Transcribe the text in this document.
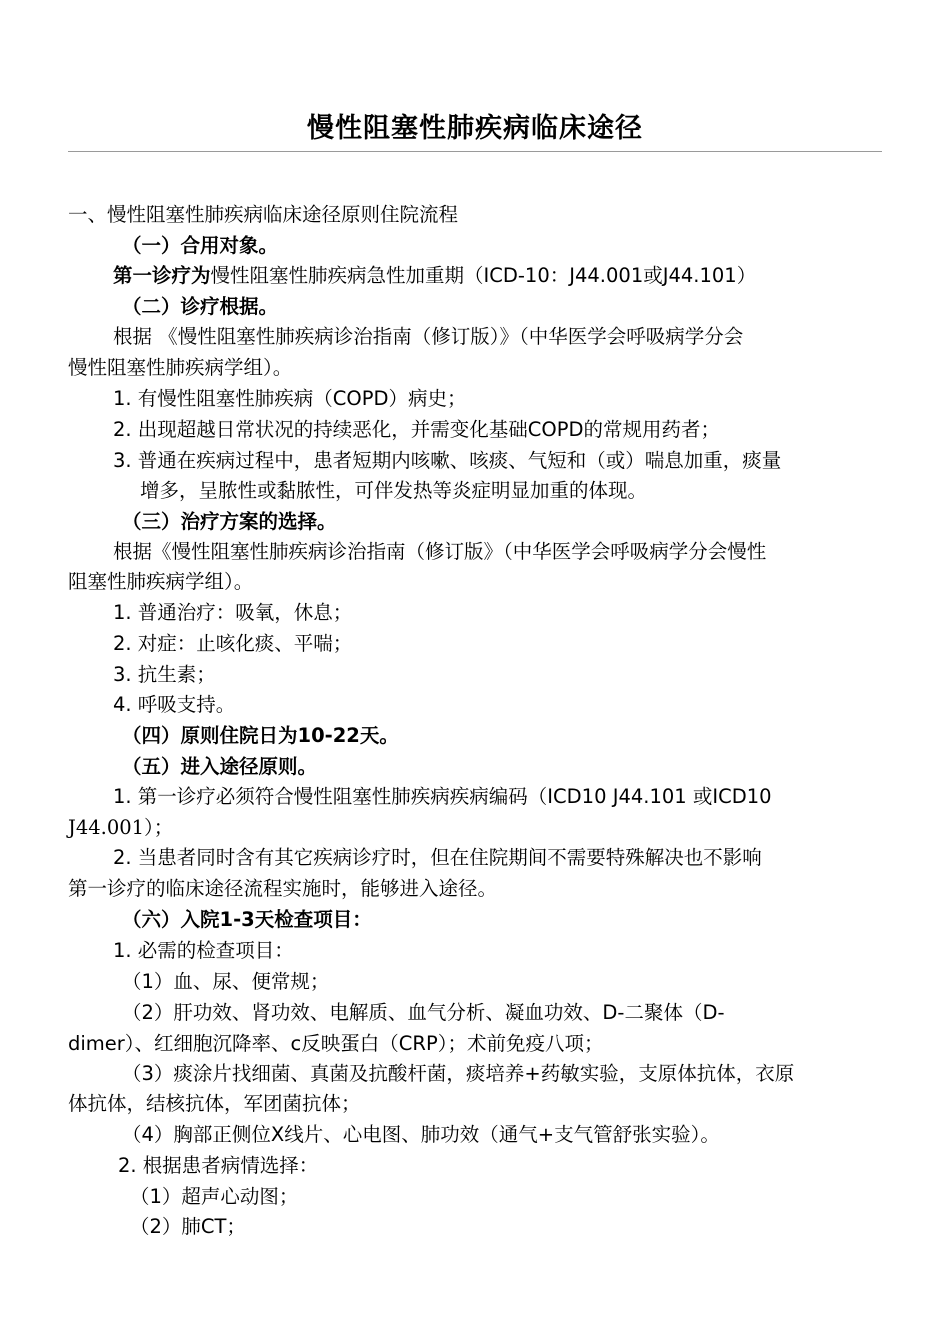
慢性阻塞性肺疾病临床途径
一、慢性阻塞性肺疾病临床途径原则住院流程
（一）合用对象。
第一诊疗为慢性阻塞性肺疾病急性加重期（ICD-10：J44.001或J44.101）
（二）诊疗根据。
根据 《慢性阻塞性肺疾病诊治指南（修订版）》（中华医学会呼吸病学分会
慢性阻塞性肺疾病学组）。
1. 有慢性阻塞性肺疾病（COPD）病史；
2. 出现超越日常状况的持续恶化，并需变化基础COPD的常规用药者；
3. 普通在疾病过程中，患者短期内咳嗽、咳痰、气短和（或）喘息加重，痰量
增多，呈脓性或黏脓性，可伴发热等炎症明显加重的体现。
（三）治疗方案的选择。
根据《慢性阻塞性肺疾病诊治指南（修订版》（中华医学会呼吸病学分会慢性
阻塞性肺疾病学组）。
1. 普通治疗：吸氧，休息；
2. 对症：止咳化痰、平喘；
3. 抗生素；
4. 呼吸支持。
（四）原则住院日为10-22天。
（五）进入途径原则。
1. 第一诊疗必须符合慢性阻塞性肺疾病疾病编码（ICD10 J44.101 或ICD10
J44.001）；
2. 当患者同时含有其它疾病诊疗时，但在住院期间不需要特殊解决也不影响
第一诊疗的临床途径流程实施时，能够进入途径。
（六）入院1-3天检查项目：
1. 必需的检查项目：
（1）血、尿、便常规；
（2）肝功效、肾功效、电解质、血气分析、凝血功效、D-二聚体（D-
dimer）、红细胞沉降率、c反映蛋白（CRP）；术前免疫八项；
（3）痰涂片找细菌、真菌及抗酸杆菌，痰培养+药敏实验，支原体抗体，衣原
体抗体，结核抗体，军团菌抗体；
（4）胸部正侧位X线片、心电图、肺功效（通气+支气管舒张实验）。
2. 根据患者病情选择：
（1）超声心动图；
（2）肺CT；
